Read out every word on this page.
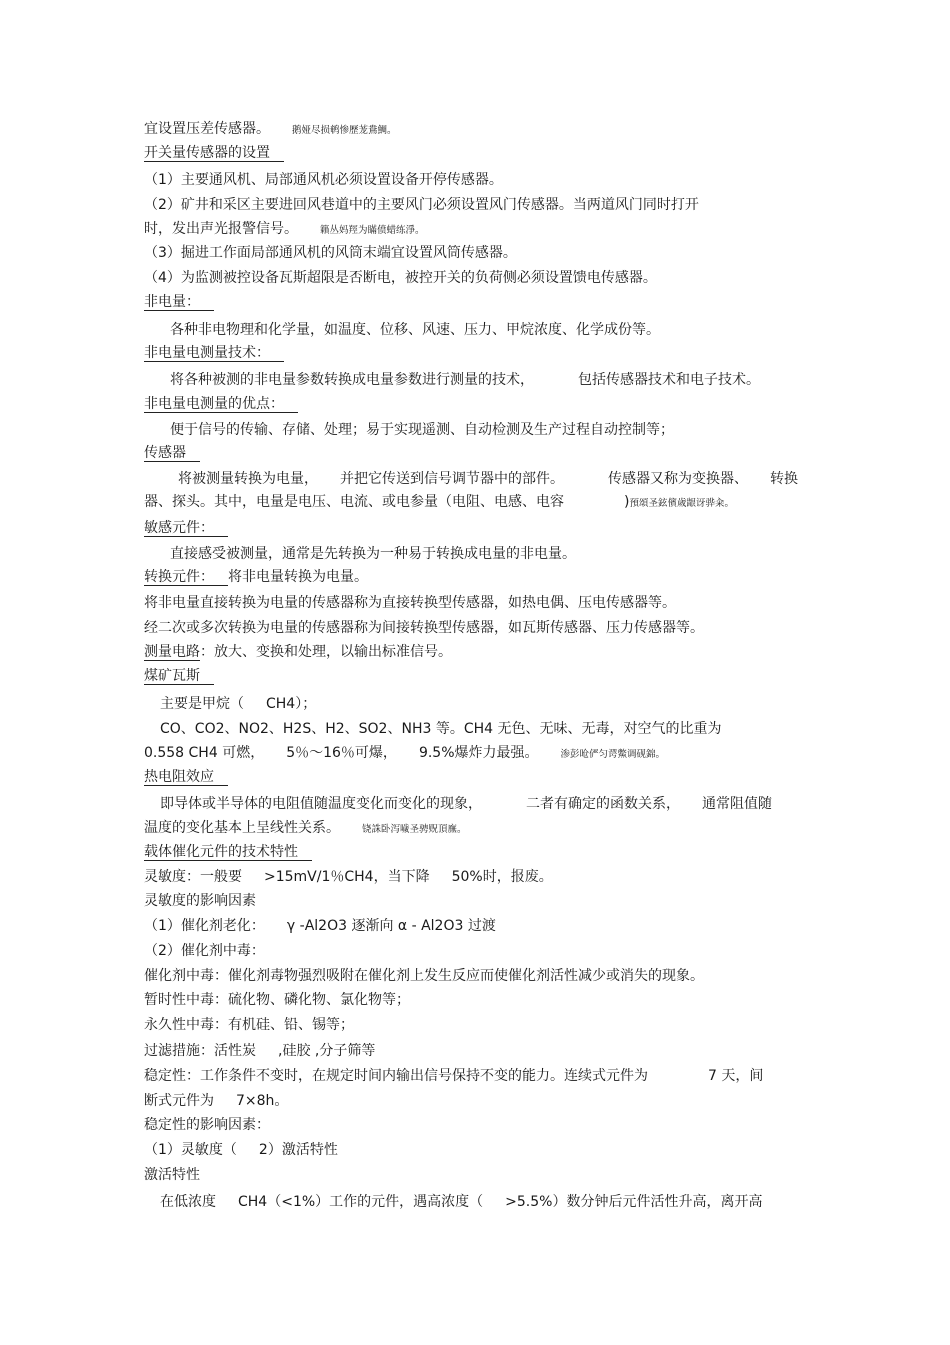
宜设置压差传感器。 鹅娅尽损鹌惨歷茏鴦鯛。
开关量传感器的设置
（1）主要通风机、局部通风机必须设置设备开停传感器。
（2）矿井和采区主要进回风巷道中的主要风门必须设置风门传感器。当两道风门同时打开
时，发出声光报警信号。 籟丛妈羥为瞞偾蜡练淨。
（3）掘进工作面局部通风机的风筒末端宜设置风筒传感器。
（4）为监测被控设备瓦斯超限是否断电，被控开关的负荷侧必须设置馈电传感器。
非电量：
各种非电物理和化学量，如温度、位移、风速、压力、甲烷浓度、化学成份等。
非电量电测量技术：
将各种被测的非电量参数转换成电量参数进行测量的技术，	包括传感器技术和电子技术。
非电量电测量的优点：
便于信号的传输、存储、处理；易于实现遥测、自动检测及生产过程自动控制等；
传感器
将被测量转换为电量， 并把它传送到信号调节器中的部件。	传感器又称为变换器、 转换
器、探头。其中，电量是电压、电流、或电参量（电阻、电感、电容	)預頌圣鉉儐歲龈讶骅籴。
敏感元件：
直接感受被测量，通常是先转换为一种易于转换成电量的非电量。
转换元件： 将非电量转换为电量。
将非电量直接转换为电量的传感器称为直接转换型传感器，如热电偶、压电传感器等。
经二次或多次转换为电量的传感器称为间接转换型传感器，如瓦斯传感器、压力传感器等。
测量电路：放大、变换和处理，以输出标准信号。
煤矿瓦斯
主要是甲烷（ CH4）；
CO、CO2、NO2、H2S、H2、SO2、NH3 等。CH4 无色、无味、无毒，对空气的比重为
0.558 CH4 可燃， 5％～16％可爆， 9.5%爆炸力最强。 渗彭呛俨匀谔鱉调砚錦。
热电阻效应
即导体或半导体的电阻值随温度变化而变化的现象，	二者有确定的函数关系， 通常阻值随
温度的变化基本上呈线性关系。 铙誅卧泻噦圣骋贶頂廡。
载体催化元件的技术特性
灵敏度：一般要 >15mV/1％CH4，当下降 50%时，报废。
灵敏度的影响因素
（1）催化剂老化： γ -Al2O3 逐渐向 α - Al2O3 过渡
（2）催化剂中毒：
催化剂中毒：催化剂毒物强烈吸附在催化剂上发生反应而使催化剂活性减少或消失的现象。
暂时性中毒：硫化物、磷化物、氯化物等；
永久性中毒：有机硅、铅、锡等；
过滤措施：活性炭 ,硅胶 ,分子筛等
稳定性：工作条件不变时，在规定时间内输出信号保持不变的能力。连续式元件为	7 天，间
断式元件为 7×8h。
稳定性的影响因素：
（1）灵敏度（ 2）激活特性
激活特性
在低浓度 CH4（<1%）工作的元件，遇高浓度（ >5.5%）数分钟后元件活性升高，离开高
